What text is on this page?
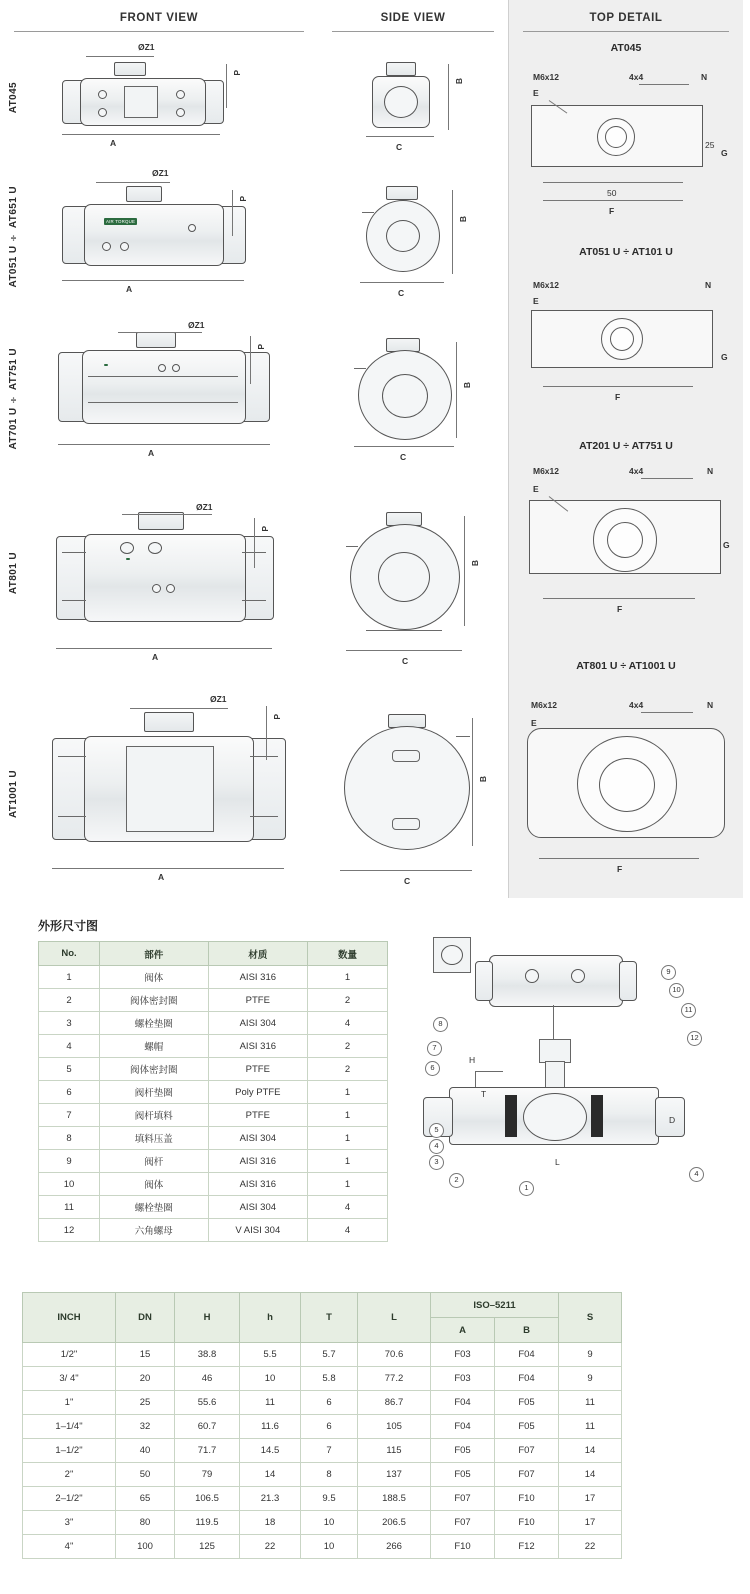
FRONT VIEW
AT045
ØZ1
P
A
AT051 U ÷ AT651 U	AIR TORQUE
ØZ1
P
A
AT701 U ÷ AT751 U
ØZ1
P
A
AT801 U
ØZ1
P
A
AT1001 U
ØZ1
P
A
SIDE VIEW
B
C
B
C
B
C
B
C
B
C
TOP DETAIL
AT045
M6x12
E
4x4	N
25
G
50
F
AT051 U ÷ AT101 U
M6x12
E
N
G
F
AT201 U ÷ AT751 U
M6x12
E
4x4	N
G
F
AT801 U ÷ AT1001 U
M6x12
E
4x4	N
F
外形尺寸图
No.	部件	材质	数量
1	阀体	AISI 316	1
2	阀体密封圈	PTFE	2
3	螺栓垫圈	AISI 304	4
4	螺帽	AISI 316	2
5	阀体密封圈	PTFE	2
6	阀杆垫圈	Poly PTFE	1
7	阀杆填料	PTFE	1
8	填料压盖	AISI 304	1
9	阀杆	AISI 316	1
10	阀体	AISI 316	1
11	螺栓垫圈	AISI 304	4
12	六角螺母	V AISI 304	4
9
10
11
12
8
7
6
5
4
3
2
1
4
H
T
L
D
INCH	DN	H	h	T	L	ISO–5211		S
						A	B	
1/2"	15	38.8	5.5	5.7	70.6	F03	F04	9
3/ 4"	20	46	10	5.8	77.2	F03	F04	9
1"	25	55.6	11	6	86.7	F04	F05	11
1–1/4"	32	60.7	11.6	6	105	F04	F05	11
1–1/2"	40	71.7	14.5	7	115	F05	F07	14
2"	50	79	14	8	137	F05	F07	14
2–1/2"	65	106.5	21.3	9.5	188.5	F07	F10	17
3"	80	119.5	18	10	206.5	F07	F10	17
4"	100	125	22	10	266	F10	F12	22
